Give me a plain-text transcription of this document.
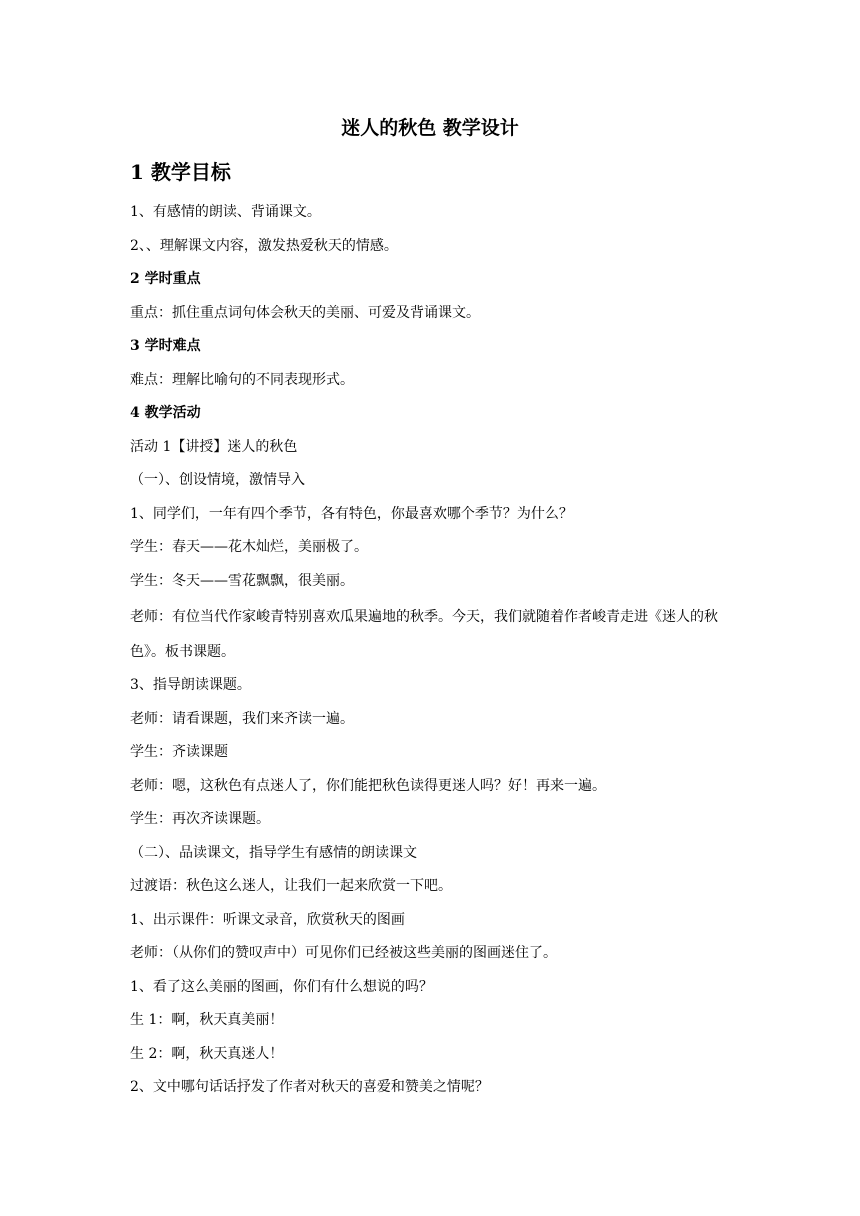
迷人的秋色 教学设计
1 教学目标

1、有感情的朗读、背诵课文。

2、、理解课文内容，激发热爱秋天的情感。

2 学时重点

重点：抓住重点词句体会秋天的美丽、可爱及背诵课文。

3 学时难点

难点：理解比喻句的不同表现形式。

4 教学活动

活动 1【讲授】迷人的秋色

（一）、创设情境，激情导入

1、同学们，一年有四个季节，各有特色，你最喜欢哪个季节？为什么？

学生：春天——花木灿烂，美丽极了。

学生：冬天——雪花飘飘，很美丽。

老师：有位当代作家峻青特别喜欢瓜果遍地的秋季。今天，我们就随着作者峻青走进《迷人的秋色》。板书课题。

3、指导朗读课题。

老师：请看课题，我们来齐读一遍。

学生：齐读课题

老师：嗯，这秋色有点迷人了，你们能把秋色读得更迷人吗？好！再来一遍。

学生：再次齐读课题。

（二）、品读课文，指导学生有感情的朗读课文

过渡语：秋色这么迷人，让我们一起来欣赏一下吧。

1、出示课件：听课文录音，欣赏秋天的图画

老师：（从你们的赞叹声中）可见你们已经被这些美丽的图画迷住了。

1、看了这么美丽的图画，你们有什么想说的吗？

生 1：啊，秋天真美丽！

生 2：啊，秋天真迷人！

2、文中哪句话话抒发了作者对秋天的喜爱和赞美之情呢？
